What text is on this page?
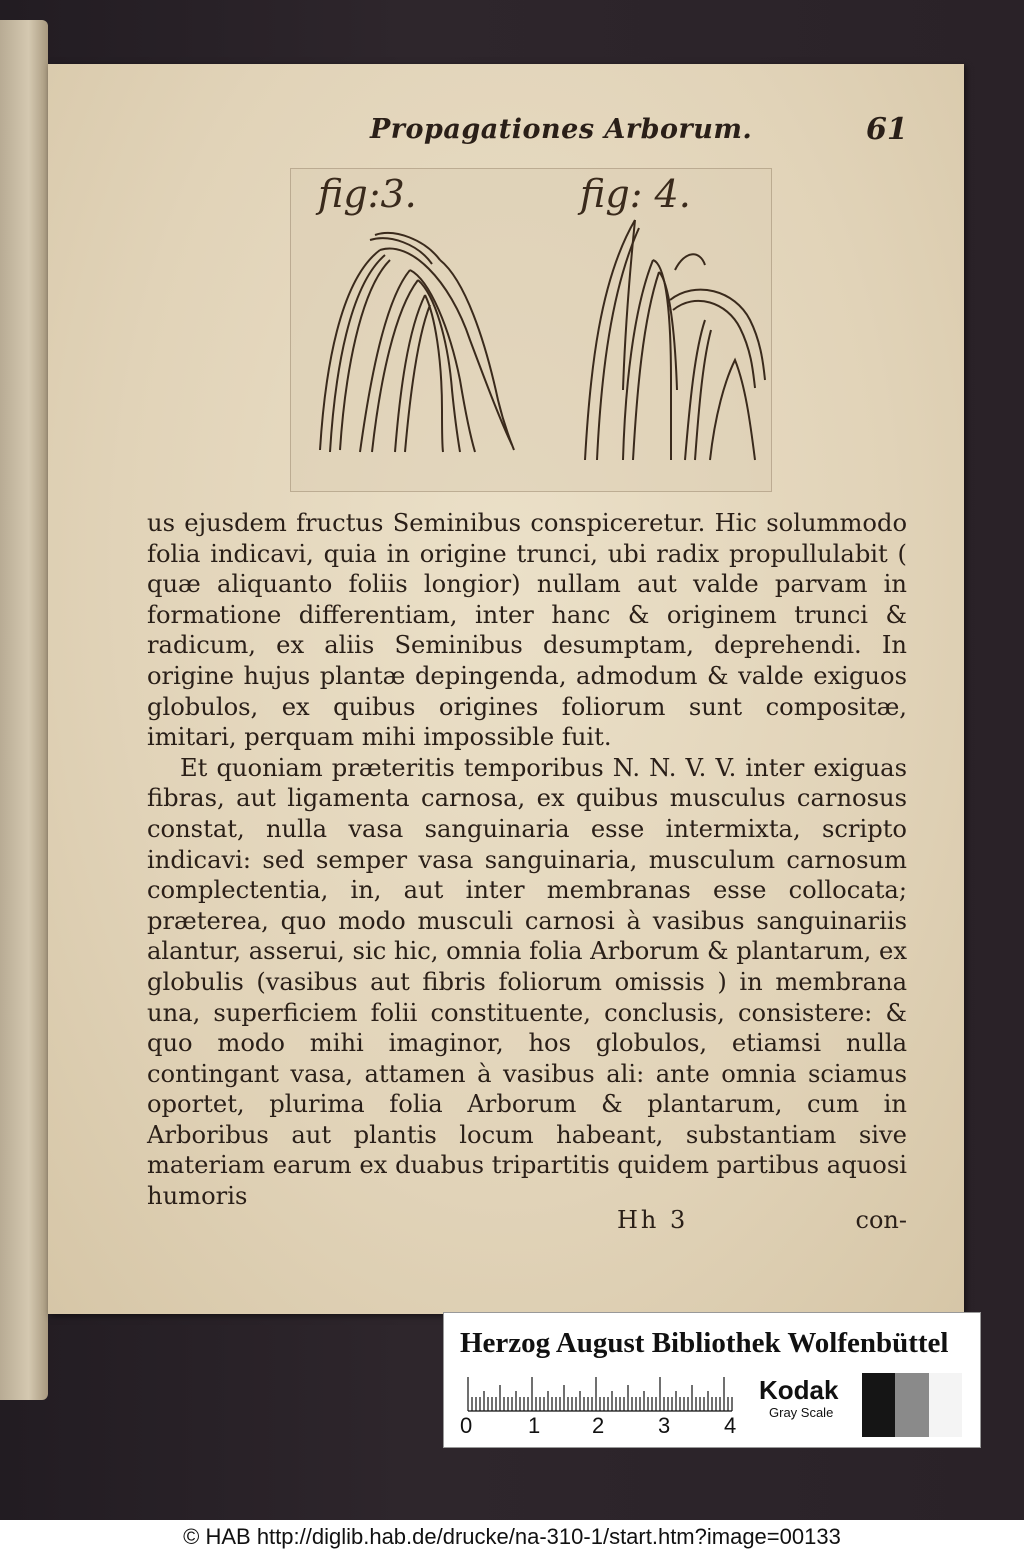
Propagationes Arborum.	61
fig:3.	fig: 4.

us ejusdem fructus Seminibus conspiceretur. Hic solummodo folia indicavi, quia in origine trunci, ubi radix propullulabit ( quæ aliquanto foliis longior) nullam aut valde parvam in formatione differentiam, inter hanc & originem trunci & radicum, ex aliis Seminibus desumptam, deprehendi. In origine hujus plantæ depingenda, admodum & valde exiguos globulos, ex quibus origines foliorum sunt compositæ, imitari, perquam mihi impossible fuit.

Et quoniam præteritis temporibus N. N. V. V. inter exiguas fibras, aut ligamenta carnosa, ex quibus musculus carnosus constat, nulla vasa sanguinaria esse intermixta, scripto indicavi: sed semper vasa sanguinaria, musculum carnosum complectentia, in, aut inter membranas esse collocata; præterea, quo modo musculi carnosi à vasibus sanguinariis alantur, asserui, sic hic, omnia folia Arborum & plantarum, ex globulis (vasibus aut fibris foliorum omissis ) in membrana una, superficiem folii constituente, conclusis, consistere: & quo modo mihi imaginor, hos globulos, etiamsi nulla contingant vasa, attamen à vasibus ali: ante omnia sciamus oportet, plurima folia Arborum & plantarum, cum in Arboribus aut plantis locum habeant, substantiam sive materiam earum ex duabus tripartitis quidem partibus aquosi humoris

Hh 3	con-
Herzog August Bibliothek Wolfenbüttel
0	1 2 3 4
Kodak
Gray Scale
© HAB http://diglib.hab.de/drucke/na-310-1/start.htm?image=00133
